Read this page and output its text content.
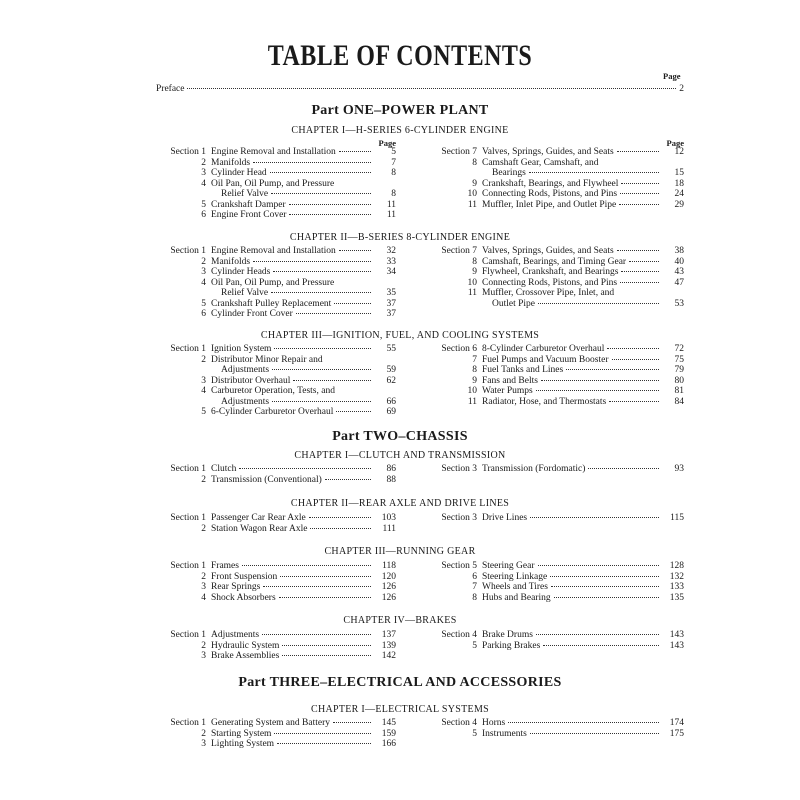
TABLE OF CONTENTS
Page
Preface	2
Part ONE–POWER PLANT
CHAPTER I—H-SERIES 6-CYLINDER ENGINE
Page
Section 1 Engine Removal and Installation	5
2 Manifolds	7
3 Cylinder Head	8
4 Oil Pan, Oil Pump, and Pressure
Relief Valve	8
5 Crankshaft Damper	11
6 Engine Front Cover	11
Page
Section 7 Valves, Springs, Guides, and Seats	12
8 Camshaft Gear, Camshaft, and
Bearings	15
9 Crankshaft, Bearings, and Flywheel	18
10 Connecting Rods, Pistons, and Pins	24
11 Muffler, Inlet Pipe, and Outlet Pipe	29
CHAPTER II—B-SERIES 8-CYLINDER ENGINE
Section 1 Engine Removal and Installation	32
2 Manifolds	33
3 Cylinder Heads	34
4 Oil Pan, Oil Pump, and Pressure
Relief Valve	35
5 Crankshaft Pulley Replacement	37
6 Cylinder Front Cover	37
Section 7 Valves, Springs, Guides, and Seats	38
8 Camshaft, Bearings, and Timing Gear	40
9 Flywheel, Crankshaft, and Bearings	43
10 Connecting Rods, Pistons, and Pins	47
11 Muffler, Crossover Pipe, Inlet, and
Outlet Pipe	53
CHAPTER III—IGNITION, FUEL, AND COOLING SYSTEMS
Section 1 Ignition System	55
2 Distributor Minor Repair and
Adjustments	59
3 Distributor Overhaul	62
4 Carburetor Operation, Tests, and
Adjustments	66
5 6-Cylinder Carburetor Overhaul	69
Section 6 8-Cylinder Carburetor Overhaul	72
7 Fuel Pumps and Vacuum Booster	75
8 Fuel Tanks and Lines	79
9 Fans and Belts	80
10 Water Pumps	81
11 Radiator, Hose, and Thermostats	84
Part TWO–CHASSIS
CHAPTER I—CLUTCH AND TRANSMISSION
Section 1 Clutch	86
2 Transmission (Conventional)	88
Section 3 Transmission (Fordomatic)	93
CHAPTER II—REAR AXLE AND DRIVE LINES
Section 1 Passenger Car Rear Axle	103
2 Station Wagon Rear Axle	111
Section 3 Drive Lines	115
CHAPTER III—RUNNING GEAR
Section 1 Frames	118
2 Front Suspension	120
3 Rear Springs	126
4 Shock Absorbers	126
Section 5 Steering Gear	128
6 Steering Linkage	132
7 Wheels and Tires	133
8 Hubs and Bearing	135
CHAPTER IV—BRAKES
Section 1 Adjustments	137
2 Hydraulic System	139
3 Brake Assemblies	142
Section 4 Brake Drums	143
5 Parking Brakes	143
Part THREE–ELECTRICAL AND ACCESSORIES
CHAPTER I—ELECTRICAL SYSTEMS
Section 1 Generating System and Battery	145
2 Starting System	159
3 Lighting System	166
Section 4 Horns	174
5 Instruments	175
